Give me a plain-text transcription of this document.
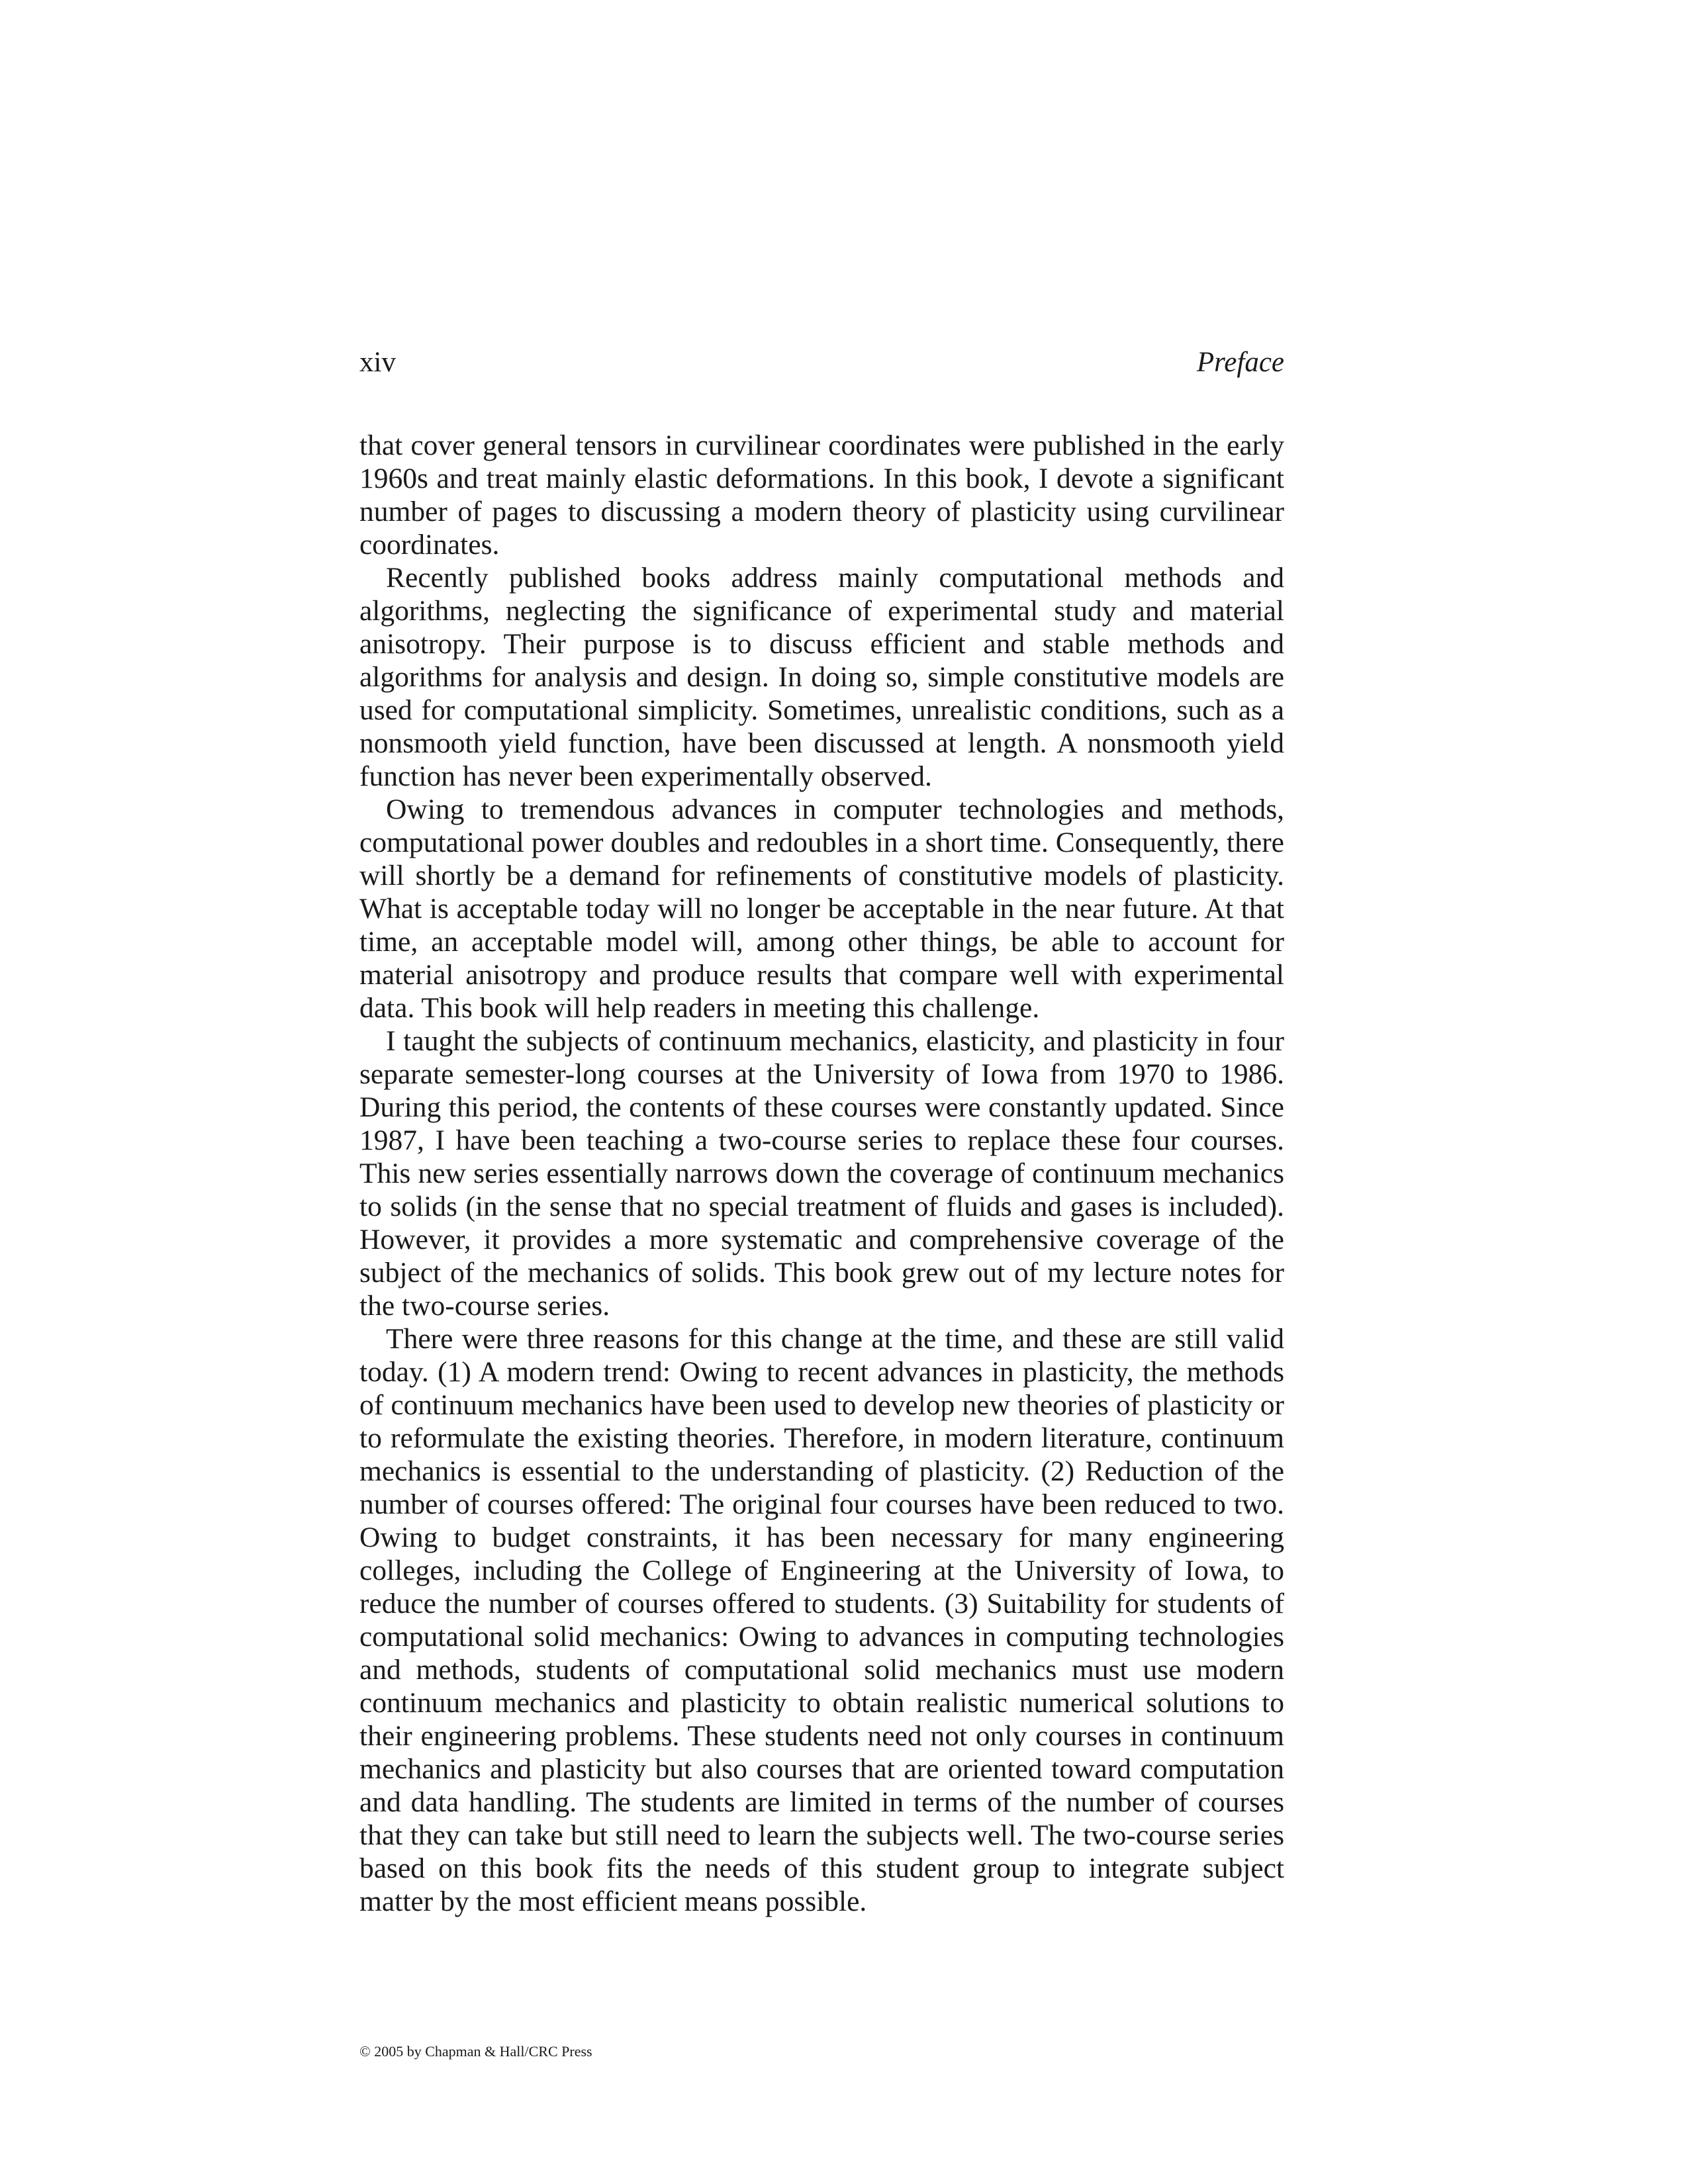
xiv	Preface

that cover general tensors in curvilinear coordinates were published in the early 1960s and treat mainly elastic deformations. In this book, I devote a significant number of pages to discussing a modern theory of plasticity using curvilinear coordinates.

Recently published books address mainly computational methods and algorithms, neglecting the significance of experimental study and material anisotropy. Their purpose is to discuss efficient and stable methods and algorithms for analysis and design. In doing so, simple constitutive models are used for computational simplicity. Sometimes, unrealistic conditions, such as a nonsmooth yield function, have been discussed at length. A nonsmooth yield function has never been experimentally observed.

Owing to tremendous advances in computer technologies and methods, computational power doubles and redoubles in a short time. Consequently, there will shortly be a demand for refinements of constitutive models of plasticity. What is acceptable today will no longer be acceptable in the near future. At that time, an acceptable model will, among other things, be able to account for material anisotropy and produce results that compare well with experimental data. This book will help readers in meeting this challenge.

I taught the subjects of continuum mechanics, elasticity, and plasticity in four separate semester-long courses at the University of Iowa from 1970 to 1986. During this period, the contents of these courses were constantly updated. Since 1987, I have been teaching a two-course series to replace these four courses. This new series essentially narrows down the coverage of continuum mechanics to solids (in the sense that no special treatment of fluids and gases is included). However, it provides a more systematic and comprehensive coverage of the subject of the mechanics of solids. This book grew out of my lecture notes for the two-course series.

There were three reasons for this change at the time, and these are still valid today. (1) A modern trend: Owing to recent advances in plasticity, the methods of continuum mechanics have been used to develop new theories of plasticity or to reformulate the existing theories. Therefore, in modern literature, continuum mechanics is essential to the understanding of plasticity. (2) Reduction of the number of courses offered: The original four courses have been reduced to two. Owing to budget constraints, it has been necessary for many engineering colleges, including the College of Engineering at the University of Iowa, to reduce the number of courses offered to students. (3) Suitability for students of computational solid mechanics: Owing to advances in computing technologies and methods, students of computational solid mechanics must use modern continuum mechanics and plasticity to obtain realistic numerical solutions to their engineering problems. These students need not only courses in continuum mechanics and plasticity but also courses that are oriented toward computation and data handling. The students are limited in terms of the number of courses that they can take but still need to learn the subjects well. The two-course series based on this book fits the needs of this student group to integrate subject matter by the most efficient means possible.

© 2005 by Chapman & Hall/CRC Press
